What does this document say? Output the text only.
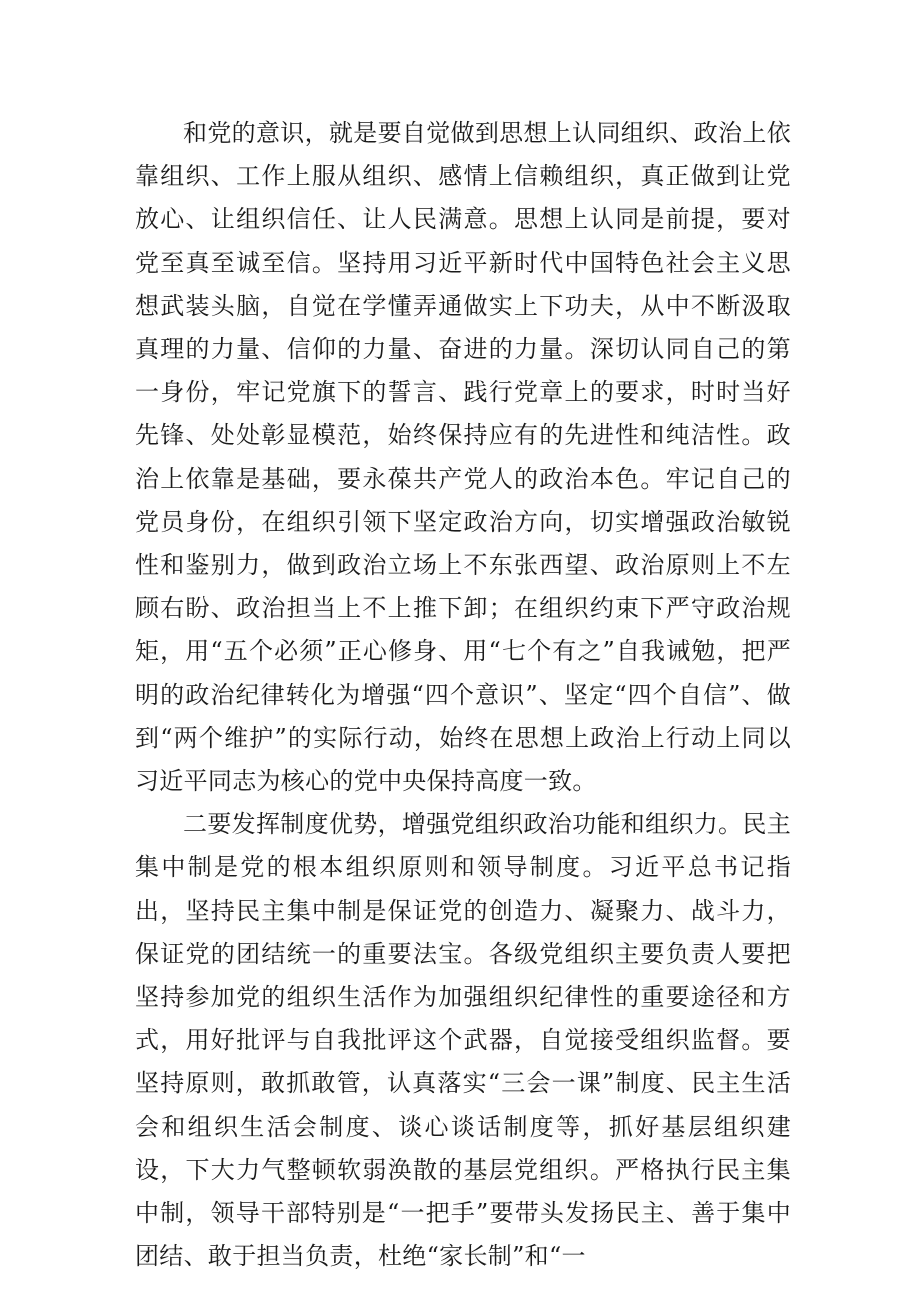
和党的意识，就是要自觉做到思想上认同组织、政治上依靠组织、工作上服从组织、感情上信赖组织，真正做到让党放心、让组织信任、让人民满意。思想上认同是前提，要对党至真至诚至信。坚持用习近平新时代中国特色社会主义思想武装头脑，自觉在学懂弄通做实上下功夫，从中不断汲取真理的力量、信仰的力量、奋进的力量。深切认同自己的第一身份，牢记党旗下的誓言、践行党章上的要求，时时当好先锋、处处彰显模范，始终保持应有的先进性和纯洁性。政治上依靠是基础，要永葆共产党人的政治本色。牢记自己的党员身份，在组织引领下坚定政治方向，切实增强政治敏锐性和鉴别力，做到政治立场上不东张西望、政治原则上不左顾右盼、政治担当上不上推下卸；在组织约束下严守政治规矩，用“五个必须”正心修身、用“七个有之”自我诫勉，把严明的政治纪律转化为增强“四个意识”、坚定“四个自信”、做到“两个维护”的实际行动，始终在思想上政治上行动上同以习近平同志为核心的党中央保持高度一致。

二要发挥制度优势，增强党组织政治功能和组织力。民主集中制是党的根本组织原则和领导制度。习近平总书记指出，坚持民主集中制是保证党的创造力、凝聚力、战斗力，保证党的团结统一的重要法宝。各级党组织主要负责人要把坚持参加党的组织生活作为加强组织纪律性的重要途径和方式，用好批评与自我批评这个武器，自觉接受组织监督。要坚持原则，敢抓敢管，认真落实“三会一课”制度、民主生活会和组织生活会制度、谈心谈话制度等，抓好基层组织建设，下大力气整顿软弱涣散的基层党组织。严格执行民主集中制，领导干部特别是“一把手”要带头发扬民主、善于集中团结、敢于担当负责，杜绝“家长制”和“一
